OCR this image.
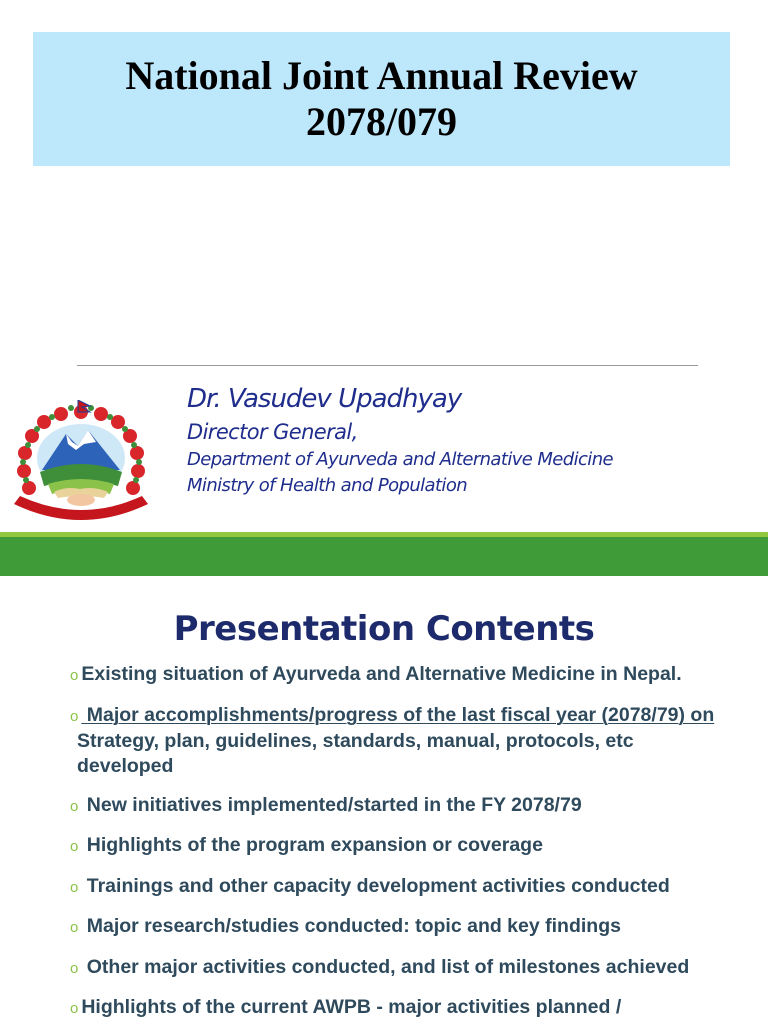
National Joint Annual Review
2078/079
Dr. Vasudev Upadhyay
Director General,
Department of Ayurveda and Alternative Medicine
Ministry of Health and Population
Presentation Contents
o Existing situation of Ayurveda and Alternative Medicine in Nepal.
o Major accomplishments/progress of the last fiscal year (2078/79) on
Strategy, plan, guidelines, standards, manual, protocols, etc
developed
o New initiatives implemented/started in the FY 2078/79
o Highlights of the program expansion or coverage
o Trainings and other capacity development activities conducted
o Major research/studies conducted: topic and key findings
o Other major activities conducted, and list of milestones achieved
o Highlights of the current AWPB - major activities planned /
